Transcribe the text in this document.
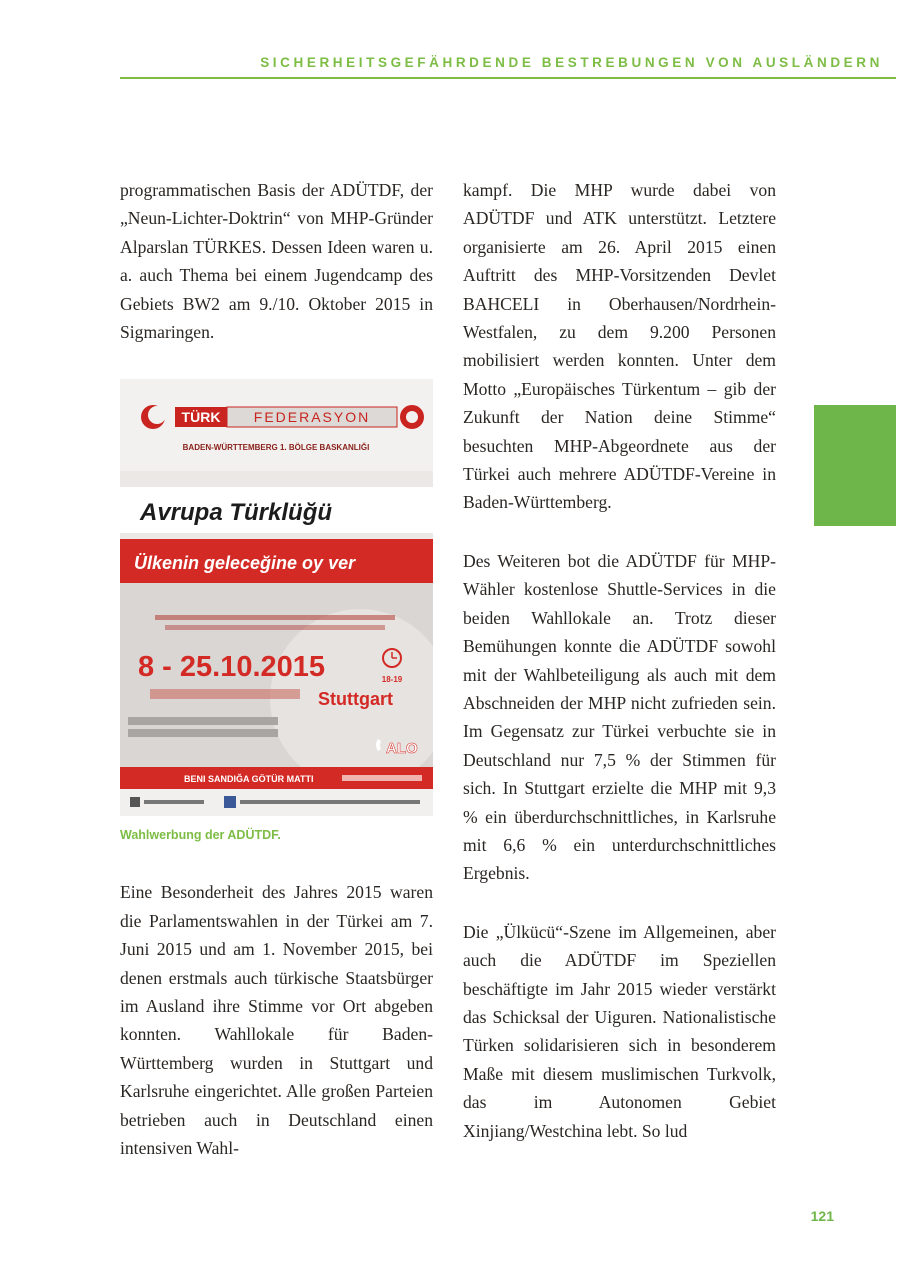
SICHERHEITSGEFÄHRDENDE BESTREBUNGEN VON AUSLÄNDERN

programmatischen Basis der ADÜTDF, der „Neun-Lichter-Doktrin“ von MHP-Gründer Alparslan TÜRKES. Dessen Ideen waren u. a. auch Thema bei einem Jugendcamp des Gebiets BW2 am 9./10. Oktober 2015 in Sigmaringen.

TÜRK FEDERASYON
BADEN-WÜRTTEMBERG 1. BÖLGE BASKANLIĞI
Avrupa Türklüğü
Ülkenin geleceğine oy ver
8 - 25.10.2015	18-19
Stuttgart
ALO
BENI SANDIĞA GÖTÜR MATTI
Wahlwerbung der ADÜTDF.

Eine Besonderheit des Jahres 2015 waren die Parlamentswahlen in der Türkei am 7. Juni 2015 und am 1. November 2015, bei denen erstmals auch türkische Staatsbürger im Ausland ihre Stimme vor Ort abgeben konnten. Wahllokale für Baden-Württemberg wurden in Stuttgart und Karlsruhe eingerichtet. Alle großen Parteien betrieben auch in Deutschland einen intensiven Wahl-

kampf. Die MHP wurde dabei von ADÜTDF und ATK unterstützt. Letztere organisierte am 26. April 2015 einen Auftritt des MHP-Vorsitzenden Devlet BAHCELI in Oberhausen/Nordrhein-Westfalen, zu dem 9.200 Personen mobilisiert werden konnten. Unter dem Motto „Europäisches Türkentum – gib der Zukunft der Nation deine Stimme“ besuchten MHP-Abgeordnete aus der Türkei auch mehrere ADÜTDF-Vereine in Baden-Württemberg.

Des Weiteren bot die ADÜTDF für MHP-Wähler kostenlose Shuttle-Services in die beiden Wahllokale an. Trotz dieser Bemühungen konnte die ADÜTDF sowohl mit der Wahlbeteiligung als auch mit dem Abschneiden der MHP nicht zufrieden sein. Im Gegensatz zur Türkei verbuchte sie in Deutschland nur 7,5 % der Stimmen für sich. In Stuttgart erzielte die MHP mit 9,3 % ein überdurchschnittliches, in Karlsruhe mit 6,6 % ein unterdurchschnittliches Ergebnis.

Die „Ülkücü“-Szene im Allgemeinen, aber auch die ADÜTDF im Speziellen beschäftigte im Jahr 2015 wieder verstärkt das Schicksal der Uiguren. Nationalistische Türken solidarisieren sich in besonderem Maße mit diesem muslimischen Turkvolk, das im Autonomen Gebiet Xinjiang/Westchina lebt. So lud

121
